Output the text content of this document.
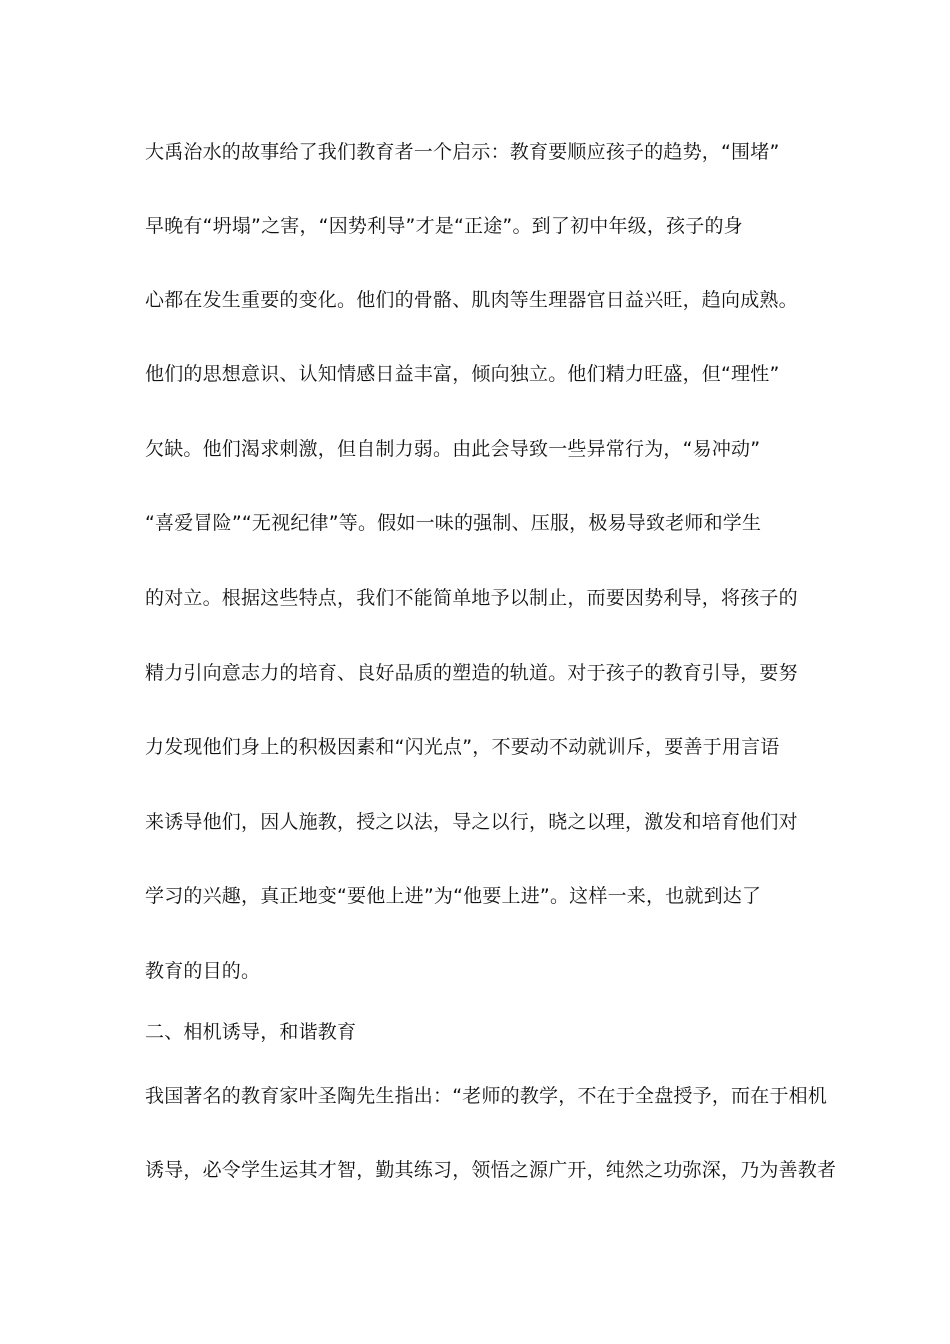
大禹治水的故事给了我们教育者一个启示：教育要顺应孩子的趋势，“围堵”
早晚有“坍塌”之害，“因势利导”才是“正途”。到了初中年级，孩子的身
心都在发生重要的变化。他们的骨骼、肌肉等生理器官日益兴旺，趋向成熟。
他们的思想意识、认知情感日益丰富，倾向独立。他们精力旺盛，但“理性”
欠缺。他们渴求刺激，但自制力弱。由此会导致一些异常行为，“易冲动”
“喜爱冒险”“无视纪律”等。假如一味的强制、压服，极易导致老师和学生
的对立。根据这些特点，我们不能简单地予以制止，而要因势利导，将孩子的
精力引向意志力的培育、良好品质的塑造的轨道。对于孩子的教育引导，要努
力发现他们身上的积极因素和“闪光点”，不要动不动就训斥，要善于用言语
来诱导他们，因人施教，授之以法，导之以行，晓之以理，激发和培育他们对
学习的兴趣，真正地变“要他上进”为“他要上进”。这样一来，也就到达了
教育的目的。
二、相机诱导，和谐教育
我国著名的教育家叶圣陶先生指出：“老师的教学，不在于全盘授予，而在于相机
诱导，必令学生运其才智，勤其练习，领悟之源广开，纯然之功弥深，乃为善教者
